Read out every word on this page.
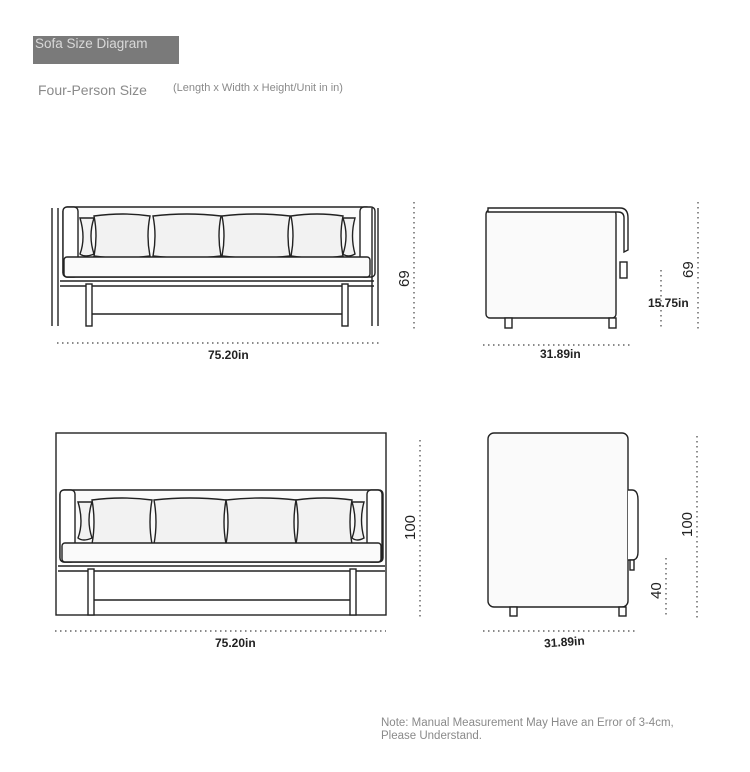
Sofa Size Diagram
Four-Person Size (Length x Width x Height/Unit in in)
75.20in
69
31.89in
69
15.75in
75.20in
100
31.89in
100
40
Note: Manual Measurement May Have an Error of 3-4cm,
Please Understand.
